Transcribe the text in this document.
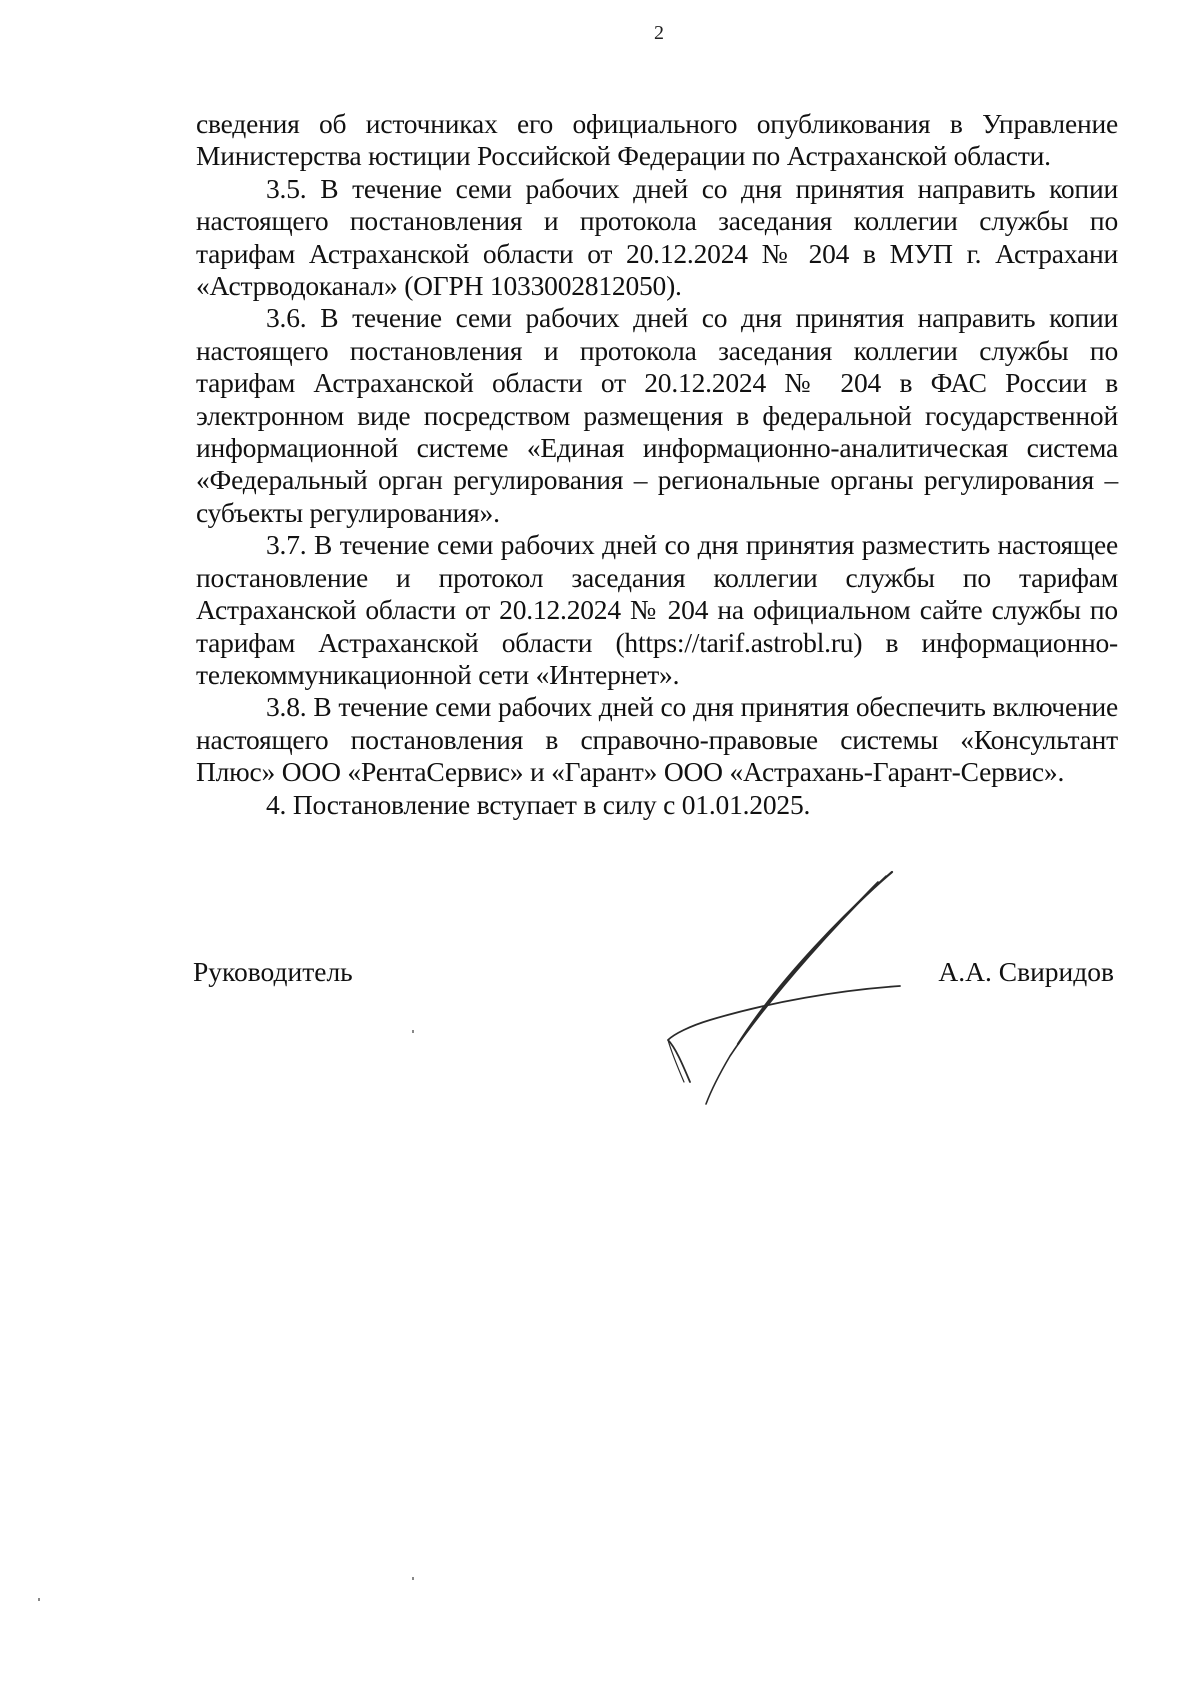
2

сведения об источниках его официального опубликования в Управление Министерства юстиции Российской Федерации по Астраханской области.

3.5. В течение семи рабочих дней со дня принятия направить копии настоящего постановления и протокола заседания коллегии службы по тарифам Астраханской области от 20.12.2024 № 204 в МУП г. Астрахани «Астрводоканал» (ОГРН 1033002812050).

3.6. В течение семи рабочих дней со дня принятия направить копии настоящего постановления и протокола заседания коллегии службы по тарифам Астраханской области от 20.12.2024 № 204 в ФАС России в электронном виде посредством размещения в федеральной государственной информационной системе «Единая информационно-аналитическая система «Федеральный орган регулирования – региональные органы регулирования – субъекты регулирования».

3.7. В течение семи рабочих дней со дня принятия разместить настоящее постановление и протокол заседания коллегии службы по тарифам Астраханской области от 20.12.2024 № 204 на официальном сайте службы по тарифам Астраханской области (https://tarif.astrobl.ru) в информационно-телекоммуникационной сети «Интернет».

3.8. В течение семи рабочих дней со дня принятия обеспечить включение настоящего постановления в справочно-правовые системы «Консультант Плюс» ООО «РентаСервис» и «Гарант» ООО «Астрахань-Гарант-Сервис».

4. Постановление вступает в силу с 01.01.2025.

Руководитель	А.А. Свиридов
